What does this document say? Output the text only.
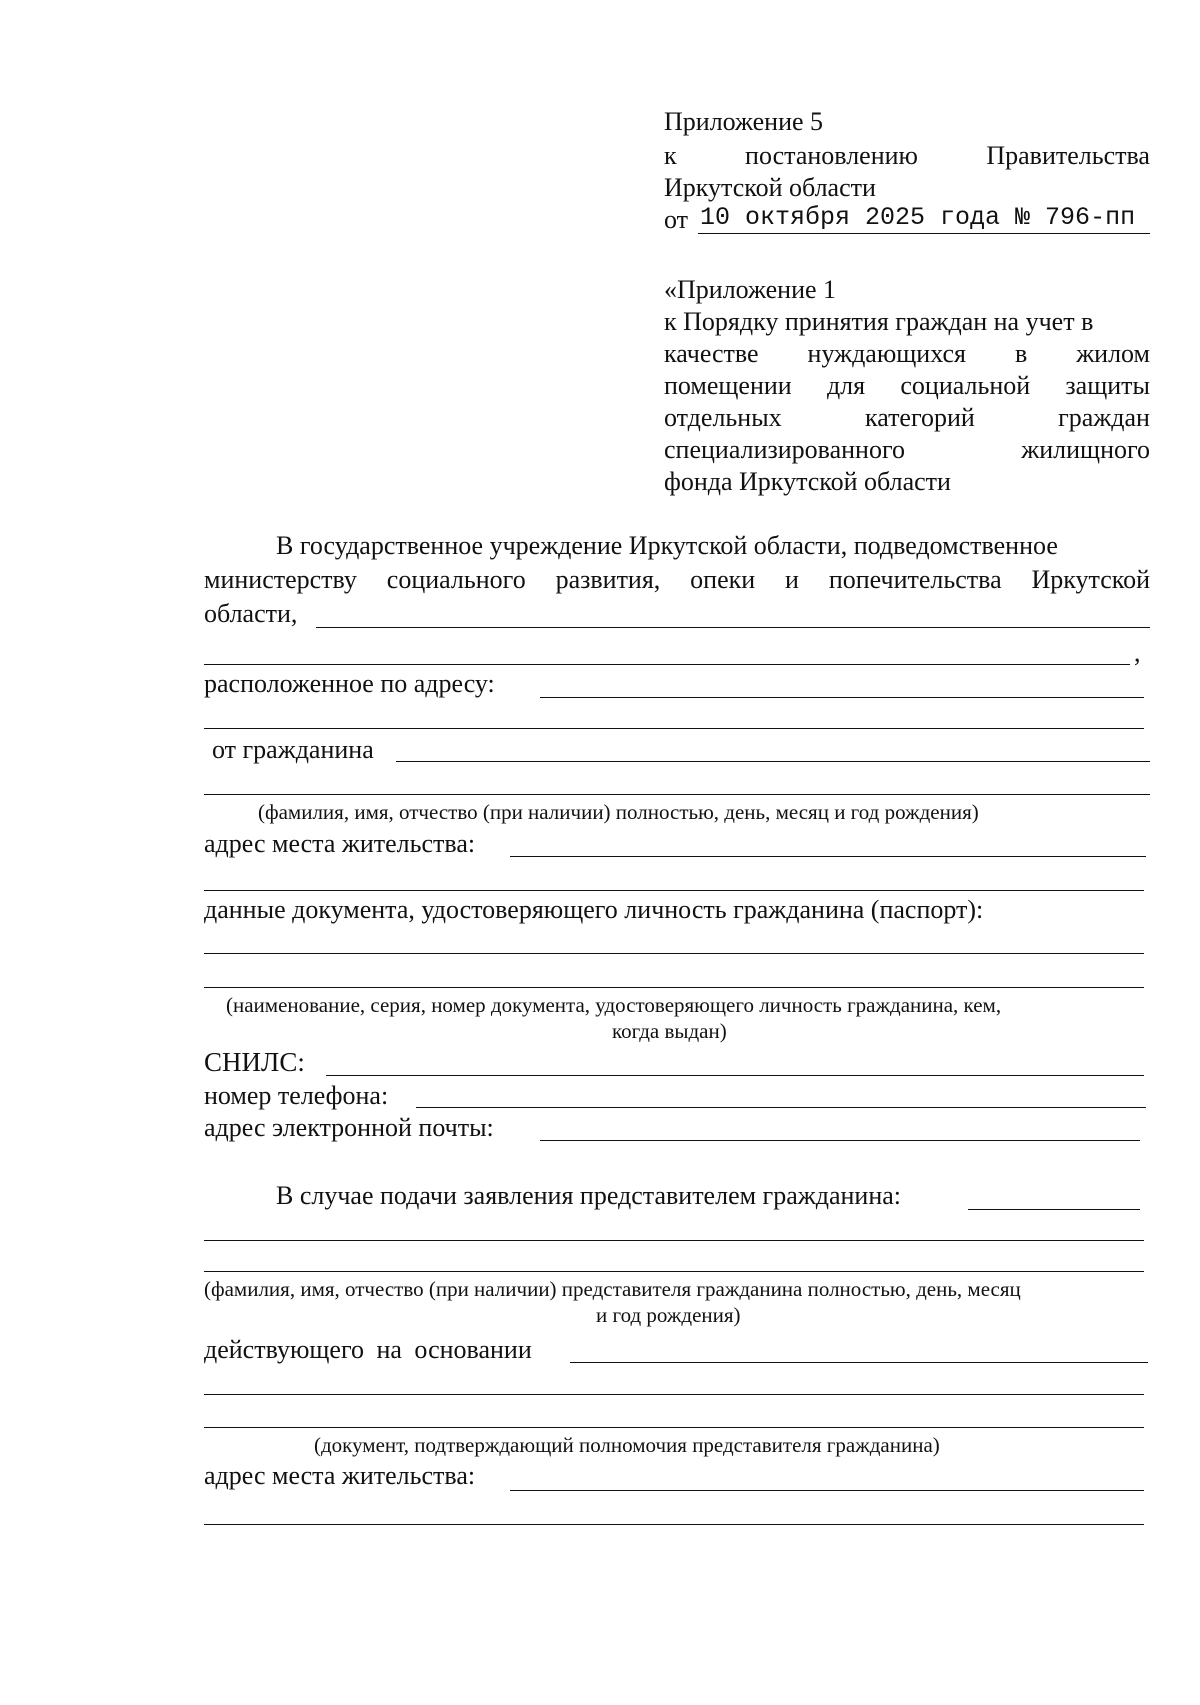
Приложение 5
к	постановлению	Правительства
Иркутской области
от 10 октября 2025 года № 796-пп
«Приложение 1
к Порядку принятия граждан на учет в
качестве нуждающихся в жилом
помещении для социальной защиты
отдельных	категорий	граждан
специализированного	жилищного
фонда Иркутской области
В государственное учреждение Иркутской области, подведомственное
министерству социального развития, опеки и попечительства Иркутской
области,
,
расположенное по адресу:
от гражданина
(фамилия, имя, отчество (при наличии) полностью, день, месяц и год рождения)
адрес места жительства:
данные документа, удостоверяющего личность гражданина (паспорт):
(наименование, серия, номер документа, удостоверяющего личность гражданина, кем,
когда выдан)
СНИЛС:
номер телефона:
адрес электронной почты:
В случае подачи заявления представителем гражданина:
(фамилия, имя, отчество (при наличии) представителя гражданина полностью, день, месяц
и год рождения)
действующего на основании
(документ, подтверждающий полномочия представителя гражданина)
адрес места жительства:
